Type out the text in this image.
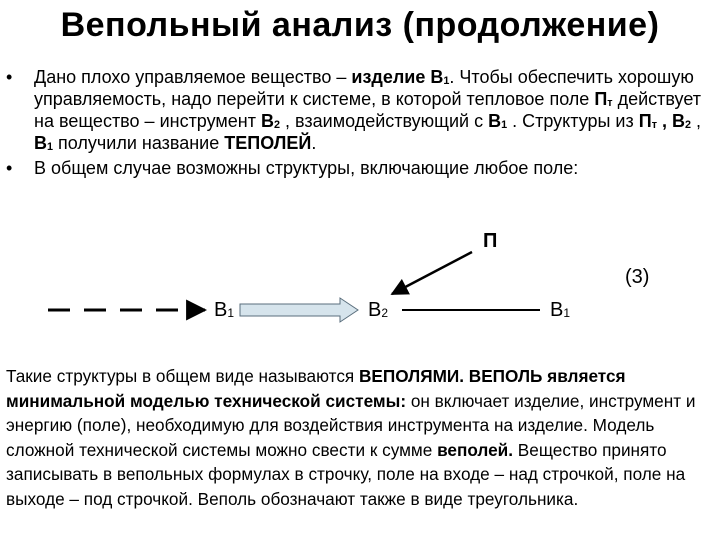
Вепольный анализ (продолжение)
•	Дано плохо управляемое вещество – изделие $В_1$. Чтобы обеспечить хорошую управляемость, надо перейти к системе, в которой тепловое поле $П_т$ действует на вещество – инструмент $В_2$ , взаимодействующий с $В_1$ . Структуры из $П_т$ , $В_2$ , $В_1$ получили название ТЕПОЛЕЙ.
•	В общем случае возможны структуры, включающие любое поле:
П
(3)
$В_1$	$В_2$	$В_1$
Такие структуры в общем виде называются ВЕПОЛЯМИ. ВЕПОЛЬ является минимальной моделью технической системы: он включает изделие, инструмент и энергию (поле), необходимую для воздействия инструмента на изделие. Модель сложной технической системы можно свести к сумме веполей. Вещество принято записывать в вепольных формулах в строчку, поле на входе – над строчкой, поле на выходе – под строчкой. Веполь обозначают также в виде треугольника.
